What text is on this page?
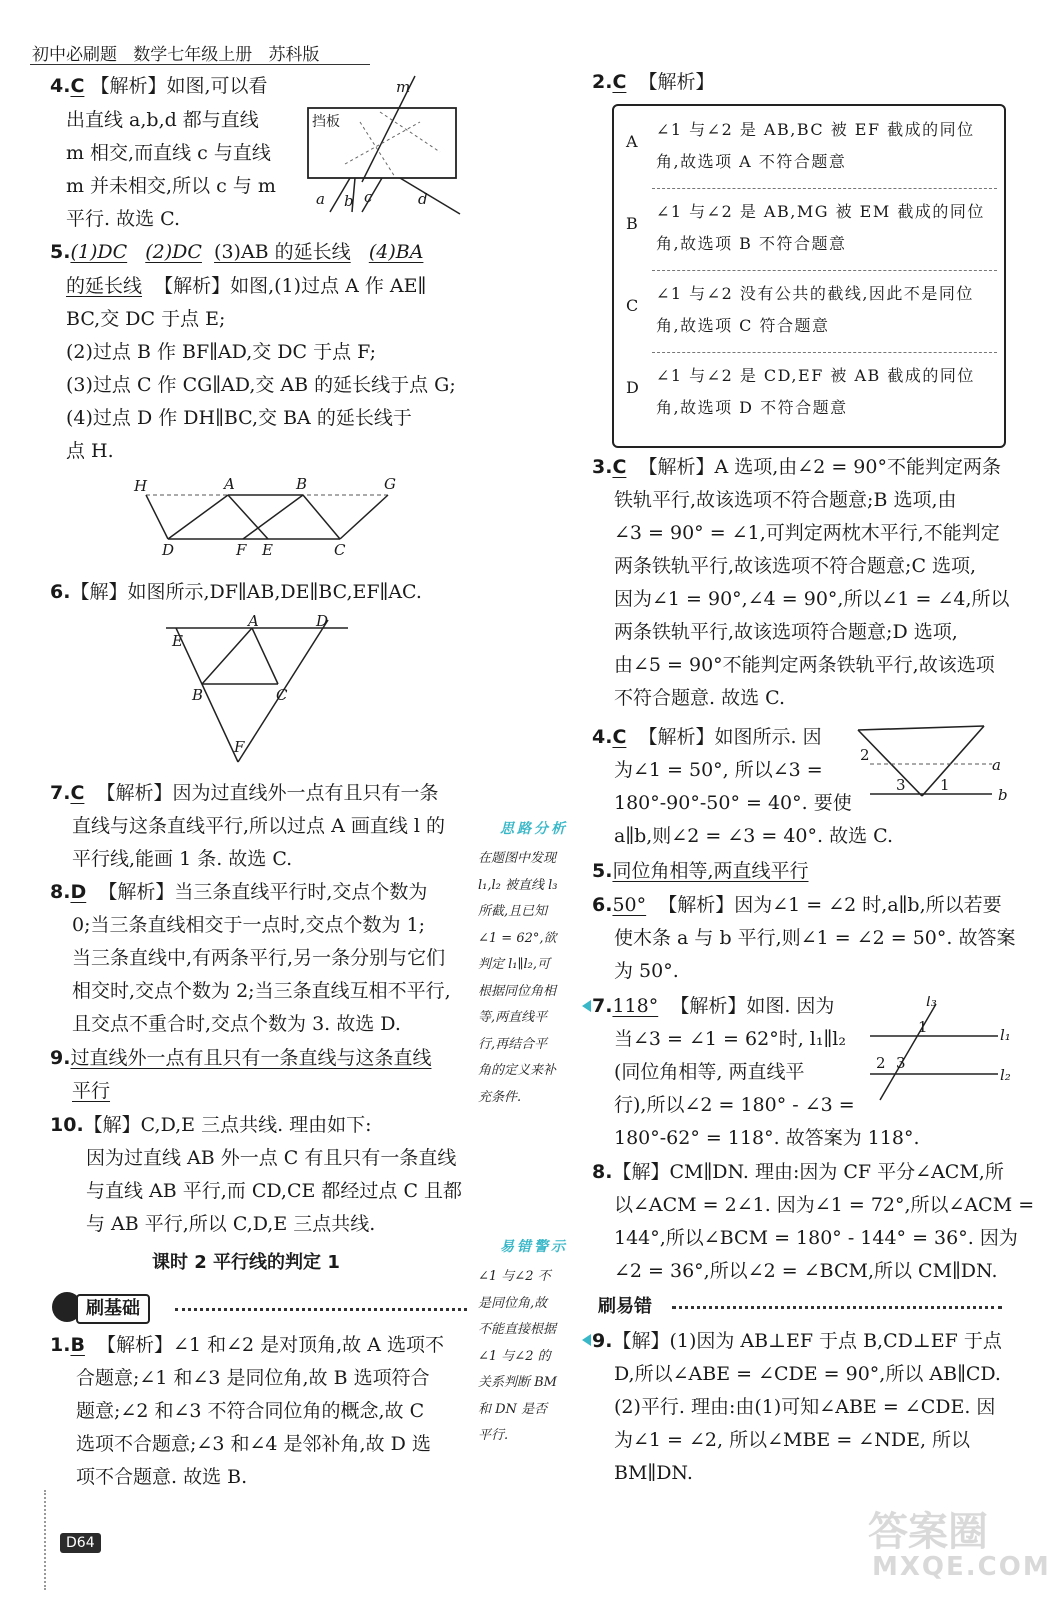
初中必刷题 数学七年级上册 苏科版
4.C 【解析】如图,可以看
出直线 a,b,d 都与直线
m 相交,而直线 c 与直线
m 并未相交,所以 c 与 m
平行. 故选 C.
挡板
m
a b c	d
5.(1)DC (2)DC (3)AB 的延长线 (4)BA
的延长线 【解析】如图,(1)过点 A 作 AE∥
BC,交 DC 于点 E;
(2)过点 B 作 BF∥AD,交 DC 于点 F;
(3)过点 C 作 CG∥AD,交 AB 的延长线于点 G;
(4)过点 D 作 DH∥BC,交 BA 的延长线于
点 H.
H	A	B	G
D	F E	C
6.【解】如图所示,DF∥AB,DE∥BC,EF∥AC.
E
A	D
B	C
F
7.C 【解析】因为过直线外一点有且只有一条
直线与这条直线平行,所以过点 A 画直线 l 的
平行线,能画 1 条. 故选 C.
8.D 【解析】当三条直线平行时,交点个数为
0;当三条直线相交于一点时,交点个数为 1;
当三条直线中,有两条平行,另一条分别与它们
相交时,交点个数为 2;当三条直线互相不平行,
且交点不重合时,交点个数为 3. 故选 D.
9.过直线外一点有且只有一条直线与这条直线
平行
10.【解】C,D,E 三点共线. 理由如下:
因为过直线 AB 外一点 C 有且只有一条直线
与直线 AB 平行,而 CD,CE 都经过点 C 且都
与 AB 平行,所以 C,D,E 三点共线.
课时 2 平行线的判定 1
刷基础
1.B 【解析】∠1 和∠2 是对顶角,故 A 选项不
合题意;∠1 和∠3 是同位角,故 B 选项符合
题意;∠2 和∠3 不符合同位角的概念,故 C
选项不合题意;∠3 和∠4 是邻补角,故 D 选
项不合题意. 故选 B.
思路分析
在题图中发现
l₁,l₂ 被直线 l₃
所截,且已知
∠1 = 62°,欲
判定 l₁∥l₂,可
根据同位角相
等,两直线平
行,再结合平
角的定义来补
充条件.
易错警示
∠1 与∠2 不
是同位角,故
不能直接根据
∠1 与∠2 的
关系判断 BM
和 DN 是否
平行.
2.C 【解析】
A
∠1 与∠2 是 AB,BC 被 EF 截成的同位角,故选项 A 不符合题意
B
∠1 与∠2 是 AB,MG 被 EM 截成的同位角,故选项 B 不符合题意
C
∠1 与∠2 没有公共的截线,因此不是同位角,故选项 C 符合题意
D
∠1 与∠2 是 CD,EF 被 AB 截成的同位角,故选项 D 不符合题意
3.C 【解析】A 选项,由∠2 = 90°不能判定两条
铁轨平行,故该选项不符合题意;B 选项,由
∠3 = 90° = ∠1,可判定两枕木平行,不能判定
两条铁轨平行,故该选项不符合题意;C 选项,
因为∠1 = 90°,∠4 = 90°,所以∠1 = ∠4,所以
两条铁轨平行,故该选项符合题意;D 选项,
由∠5 = 90°不能判定两条铁轨平行,故该选项
不符合题意. 故选 C.
4.C 【解析】如图所示. 因
为∠1 = 50°, 所以∠3 =
180°-90°-50° = 40°. 要使
a∥b,则∠2 = ∠3 = 40°. 故选 C.
2
3 1
a
b
5.同位角相等,两直线平行
6.50° 【解析】因为∠1 = ∠2 时,a∥b,所以若要
使木条 a 与 b 平行,则∠1 = ∠2 = 50°. 故答案
为 50°.
7.118° 【解析】如图. 因为
当∠3 = ∠1 = 62°时, l₁∥l₂
(同位角相等, 两直线平
行),所以∠2 = 180° - ∠3 =
180°-62° = 118°. 故答案为 118°.
l₃
1	l₁
2 3
l₂
8.【解】CM∥DN. 理由:因为 CF 平分∠ACM,所
以∠ACM = 2∠1. 因为∠1 = 72°,所以∠ACM =
144°,所以∠BCM = 180° - 144° = 36°. 因为
∠2 = 36°,所以∠2 = ∠BCM,所以 CM∥DN.
刷易错
9.【解】(1)因为 AB⊥EF 于点 B,CD⊥EF 于点
D,所以∠ABE = ∠CDE = 90°,所以 AB∥CD.
(2)平行. 理由:由(1)可知∠ABE = ∠CDE. 因
为∠1 = ∠2, 所以∠MBE = ∠NDE, 所以
BM∥DN.
D64	答案圈
MXQE.COM
